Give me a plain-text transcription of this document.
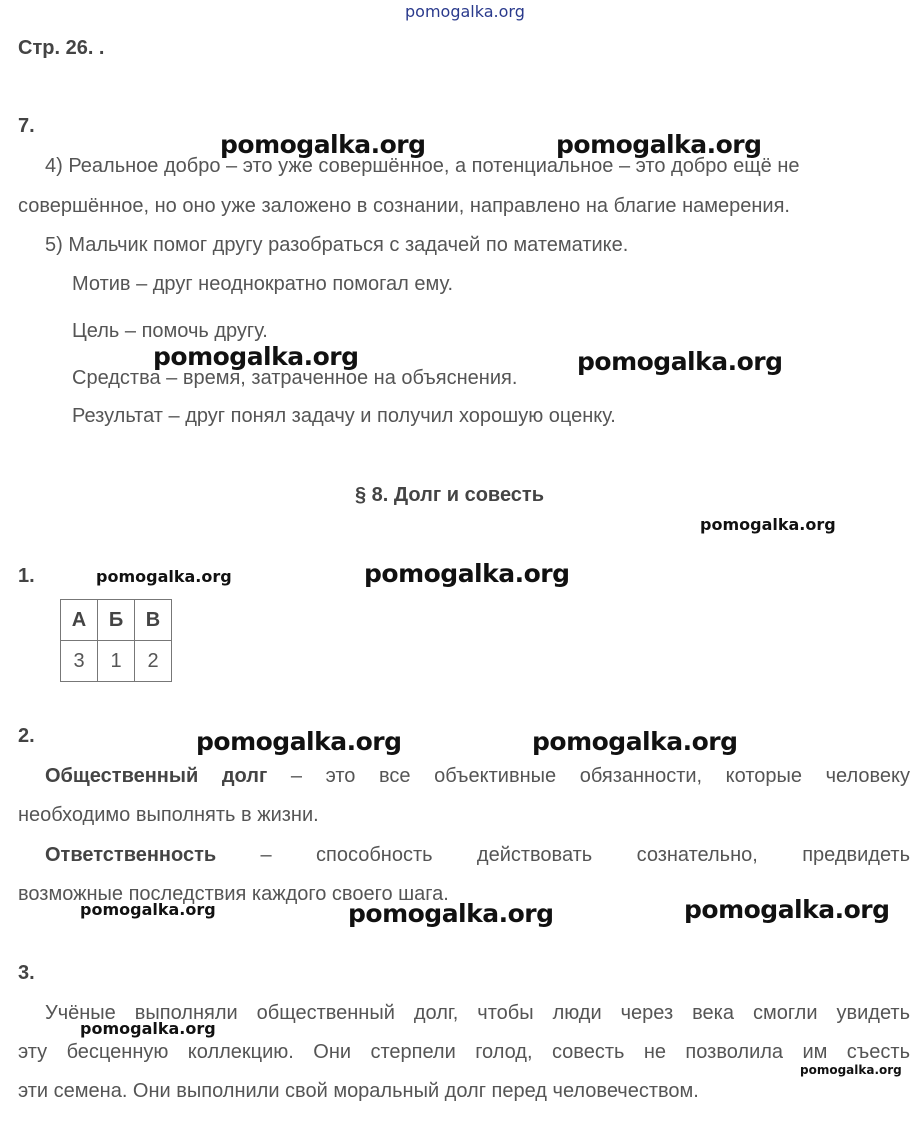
pomogalka.org
Стр. 26. .
7.
4) Реальное добро – это уже совершённое, а потенциальное – это добро ещё не
совершённое, но оно уже заложено в сознании, направлено на благие намерения.
5) Мальчик помог другу разобраться с задачей по математике.
Мотив – друг неоднократно помогал ему.
Цель – помочь другу.
Средства – время, затраченное на объяснения.
Результат – друг понял задачу и получил хорошую оценку.
§ 8. Долг и совесть
1.
А	Б	В
3	1	2
2.
Общественный долг – это все объективные обязанности, которые человеку
необходимо выполнять в жизни.
Ответственность – способность действовать сознательно, предвидеть
возможные последствия каждого своего шага.
3.
Учёные выполняли общественный долг, чтобы люди через века смогли увидеть
эту бесценную коллекцию. Они стерпели голод, совесть не позволила им съесть
эти семена. Они выполнили свой моральный долг перед человечеством.
pomogalka.org	pomogalka.org
pomogalka.org	pomogalka.org
pomogalka.org
pomogalka.org	pomogalka.org
pomogalka.org	pomogalka.org
pomogalka.org	pomogalka.org	pomogalka.org
pomogalka.org
pomogalka.org
